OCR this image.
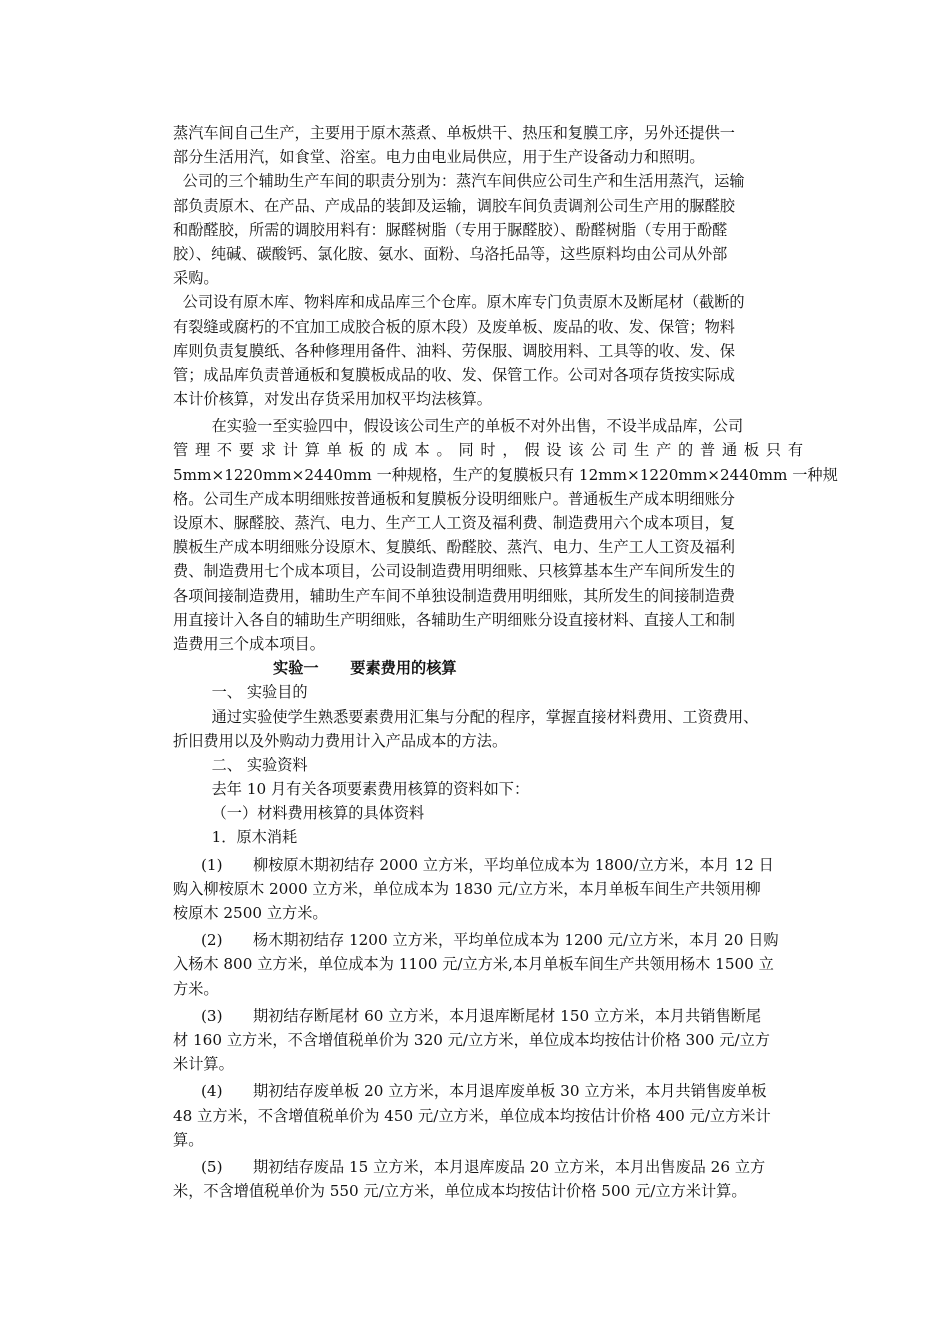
蒸汽车间自己生产，主要用于原木蒸煮、单板烘干、热压和复膜工序，另外还提供一
部分生活用汽，如食堂、浴室。电力由电业局供应，用于生产设备动力和照明。
公司的三个辅助生产车间的职责分别为：蒸汽车间供应公司生产和生活用蒸汽，运输
部负责原木、在产品、产成品的装卸及运输，调胶车间负责调剂公司生产用的脲醛胶
和酚醛胶，所需的调胶用料有：脲醛树脂（专用于脲醛胶）、酚醛树脂（专用于酚醛
胶）、纯碱、碳酸钙、氯化胺、氨水、面粉、乌洛托品等，这些原料均由公司从外部
采购。
公司设有原木库、物料库和成品库三个仓库。原木库专门负责原木及断尾材（截断的
有裂缝或腐朽的不宜加工成胶合板的原木段）及废单板、废品的收、发、保管；物料
库则负责复膜纸、各种修理用备件、油料、劳保服、调胶用料、工具等的收、发、保
管；成品库负责普通板和复膜板成品的收、发、保管工作。公司对各项存货按实际成
本计价核算，对发出存货采用加权平均法核算。
在实验一至实验四中，假设该公司生产的单板不对外出售，不设半成品库，公司
管理不要求计算单板的成本。同时，假设该公司生产的普通板只有
5mm×1220mm×2440mm 一种规格，生产的复膜板只有 12mm×1220mm×2440mm 一种规
格。公司生产成本明细账按普通板和复膜板分设明细账户。普通板生产成本明细账分
设原木、脲醛胶、蒸汽、电力、生产工人工资及福利费、制造费用六个成本项目，复
膜板生产成本明细账分设原木、复膜纸、酚醛胶、蒸汽、电力、生产工人工资及福利
费、制造费用七个成本项目，公司设制造费用明细账、只核算基本生产车间所发生的
各项间接制造费用，辅助生产车间不单独设制造费用明细账，其所发生的间接制造费
用直接计入各自的辅助生产明细账，各辅助生产明细账分设直接材料、直接人工和制
造费用三个成本项目。
实验一      要素费用的核算
一、 实验目的
通过实验使学生熟悉要素费用汇集与分配的程序，掌握直接材料费用、工资费用、
折旧费用以及外购动力费用计入产品成本的方法。
二、 实验资料
去年 10 月有关各项要素费用核算的资料如下：
（一）材料费用核算的具体资料
1．原木消耗
(1) 柳桉原木期初结存 2000 立方米，平均单位成本为 1800/立方米，本月 12 日
购入柳桉原木 2000 立方米，单位成本为 1830 元/立方米，本月单板车间生产共领用柳
桉原木 2500 立方米。
(2) 杨木期初结存 1200 立方米，平均单位成本为 1200 元/立方米，本月 20 日购
入杨木 800 立方米，单位成本为 1100 元/立方米,本月单板车间生产共领用杨木 1500 立
方米。
(3) 期初结存断尾材 60 立方米，本月退库断尾材 150 立方米，本月共销售断尾
材 160 立方米，不含增值税单价为 320 元/立方米，单位成本均按估计价格 300 元/立方
米计算。
(4) 期初结存废单板 20 立方米，本月退库废单板 30 立方米，本月共销售废单板
48 立方米，不含增值税单价为 450 元/立方米，单位成本均按估计价格 400 元/立方米计
算。
(5) 期初结存废品 15 立方米，本月退库废品 20 立方米，本月出售废品 26 立方
米，不含增值税单价为 550 元/立方米，单位成本均按估计价格 500 元/立方米计算。
